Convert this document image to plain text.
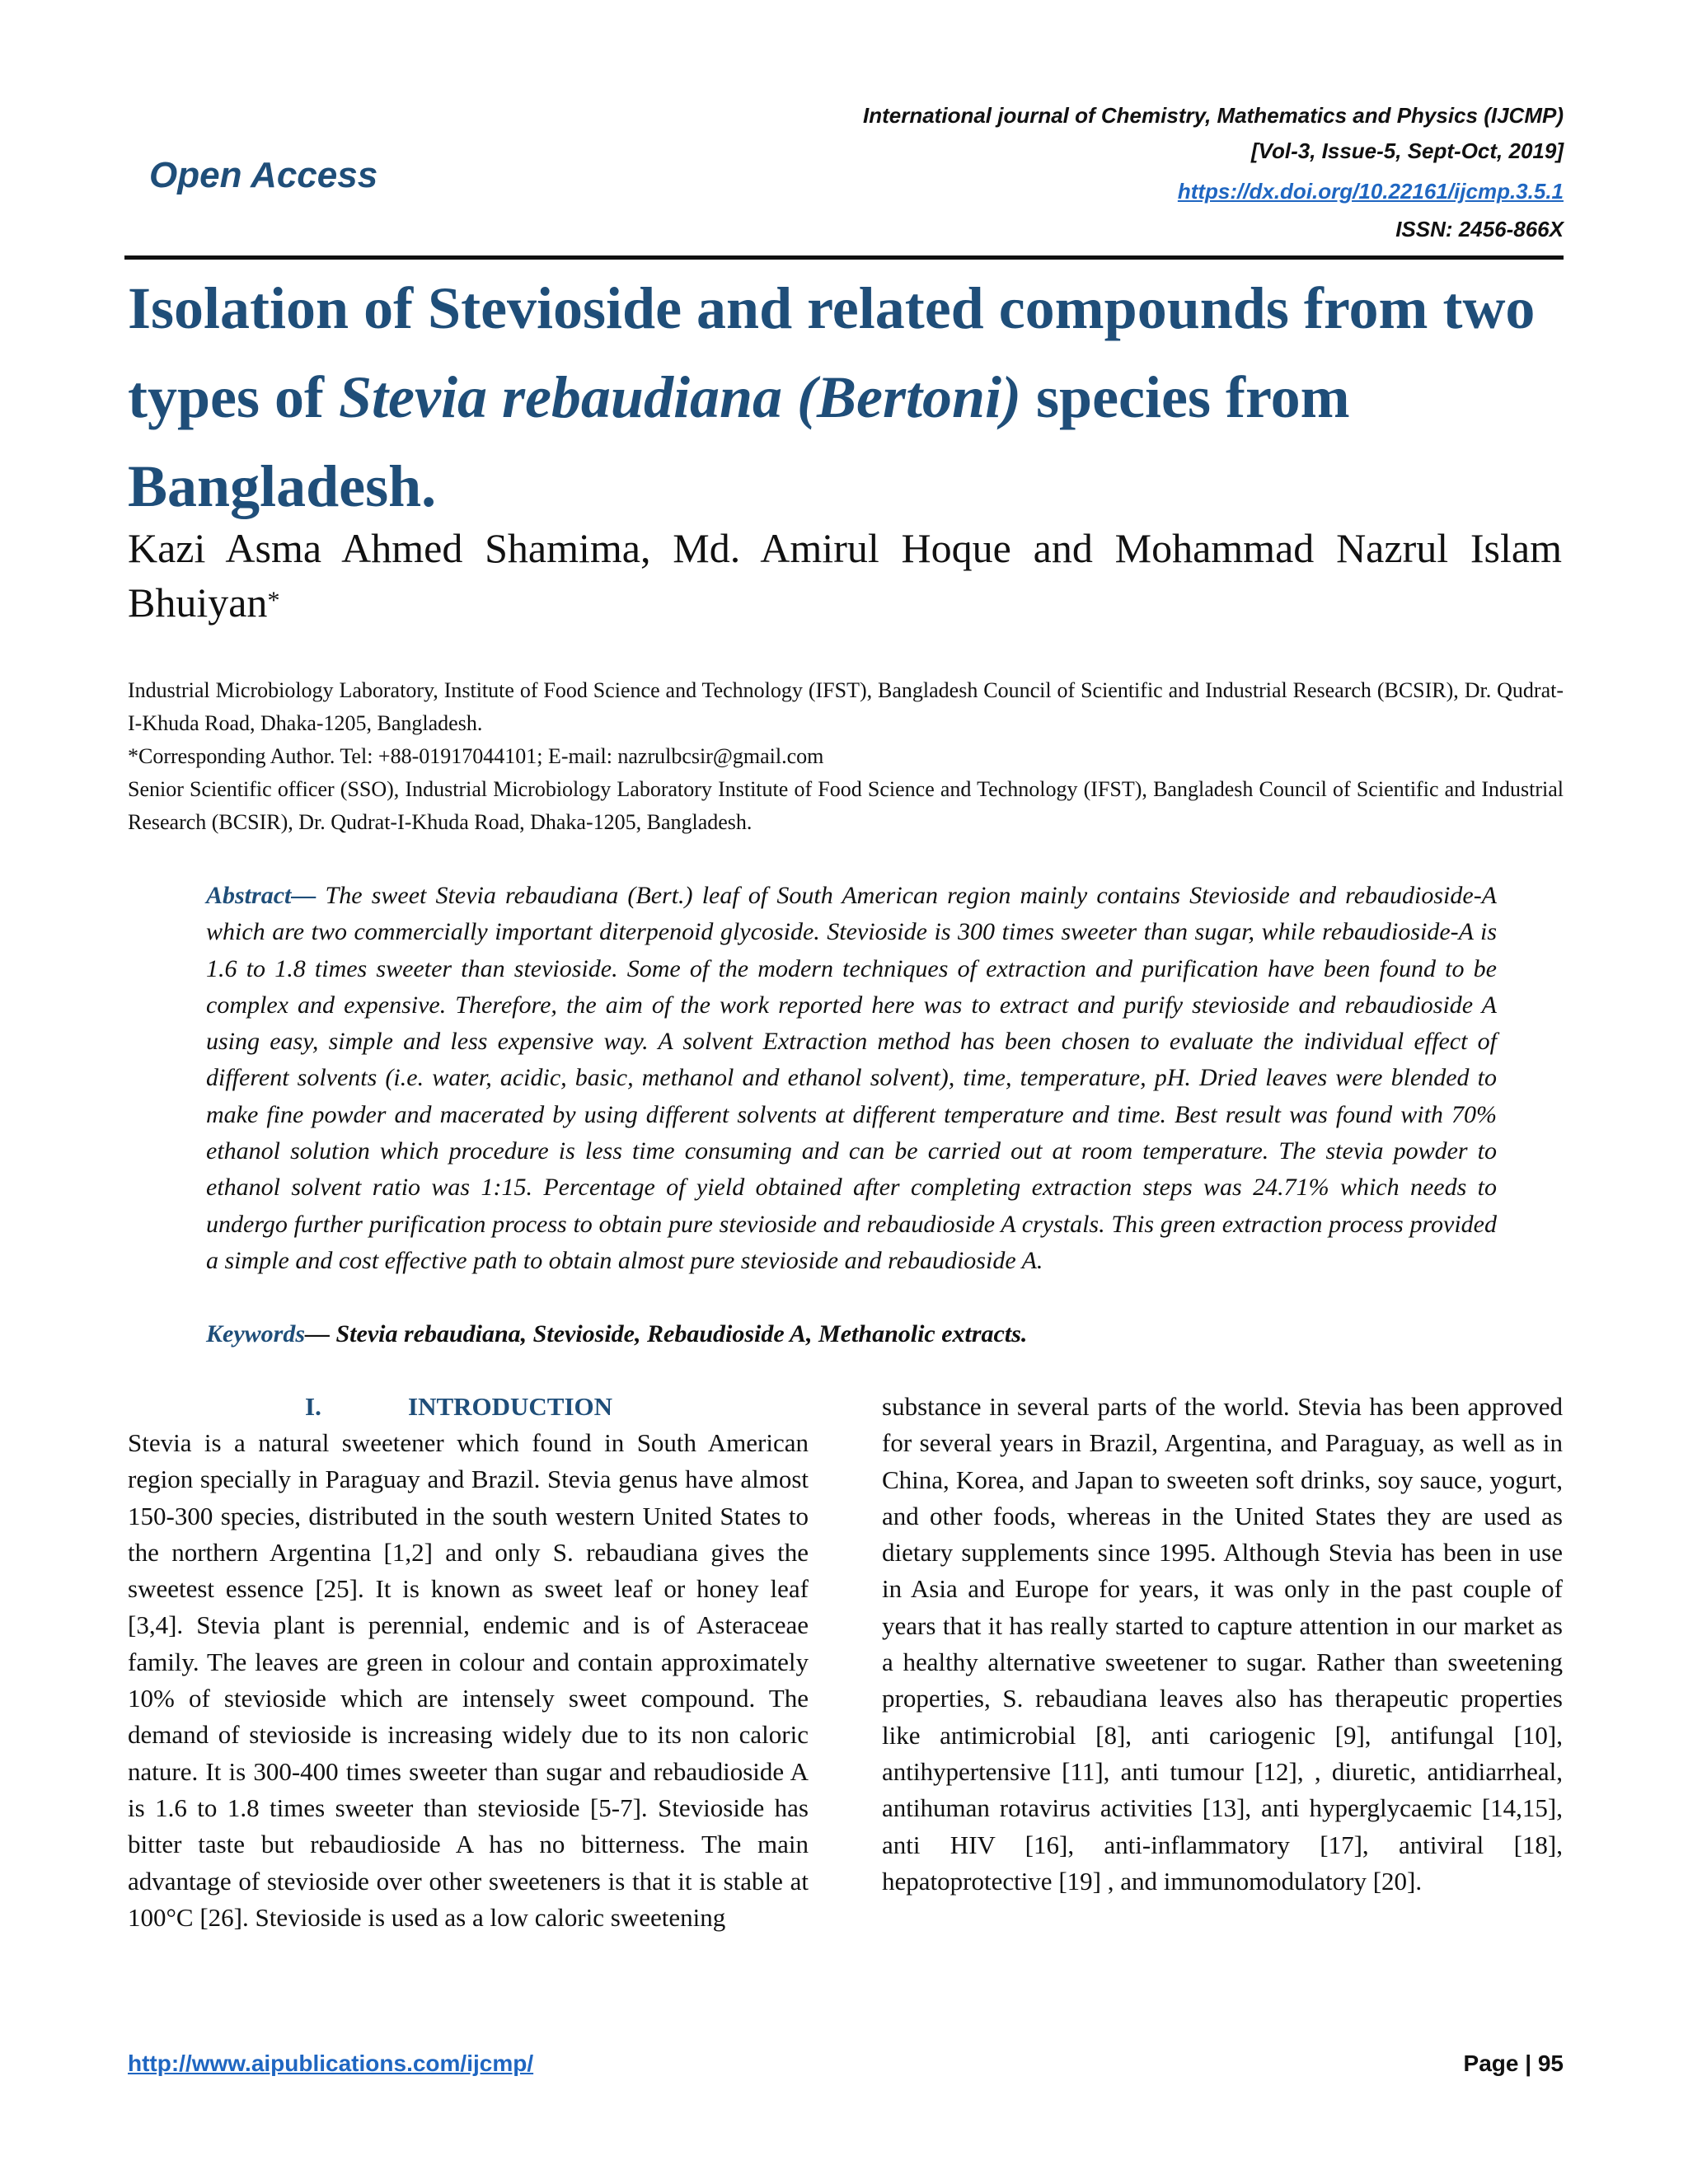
International journal of Chemistry, Mathematics and Physics (IJCMP)
[Vol-3, Issue-5, Sept-Oct, 2019]
https://dx.doi.org/10.22161/ijcmp.3.5.1
ISSN: 2456-866X
Open Access
Isolation of Stevioside and related compounds from two types of Stevia rebaudiana (Bertoni) species from Bangladesh.

Kazi Asma Ahmed Shamima, Md. Amirul Hoque and Mohammad Nazrul Islam Bhuiyan*

Industrial Microbiology Laboratory, Institute of Food Science and Technology (IFST), Bangladesh Council of Scientific and Industrial Research (BCSIR), Dr. Qudrat-I-Khuda Road, Dhaka-1205, Bangladesh.

*Corresponding Author. Tel: +88-01917044101; E-mail: nazrulbcsir@gmail.com

Senior Scientific officer (SSO), Industrial Microbiology Laboratory Institute of Food Science and Technology (IFST), Bangladesh Council of Scientific and Industrial Research (BCSIR), Dr. Qudrat-I-Khuda Road, Dhaka-1205, Bangladesh.

Abstract— The sweet Stevia rebaudiana (Bert.) leaf of South American region mainly contains Stevioside and rebaudioside-A which are two commercially important diterpenoid glycoside. Stevioside is 300 times sweeter than sugar, while rebaudioside-A is 1.6 to 1.8 times sweeter than stevioside. Some of the modern techniques of extraction and purification have been found to be complex and expensive. Therefore, the aim of the work reported here was to extract and purify stevioside and rebaudioside A using easy, simple and less expensive way. A solvent Extraction method has been chosen to evaluate the individual effect of different solvents (i.e. water, acidic, basic, methanol and ethanol solvent), time, temperature, pH. Dried leaves were blended to make fine powder and macerated by using different solvents at different temperature and time. Best result was found with 70% ethanol solution which procedure is less time consuming and can be carried out at room temperature. The stevia powder to ethanol solvent ratio was 1:15. Percentage of yield obtained after completing extraction steps was 24.71% which needs to undergo further purification process to obtain pure stevioside and rebaudioside A crystals. This green extraction process provided a simple and cost effective path to obtain almost pure stevioside and rebaudioside A.

Keywords— Stevia rebaudiana, Stevioside, Rebaudioside A, Methanolic extracts.

I.	INTRODUCTION

Stevia is a natural sweetener which found in South American region specially in Paraguay and Brazil. Stevia genus have almost 150-300 species, distributed in the south western United States to the northern Argentina [1,2] and only S. rebaudiana gives the sweetest essence [25]. It is known as sweet leaf or honey leaf [3,4]. Stevia plant is perennial, endemic and is of Asteraceae family. The leaves are green in colour and contain approximately 10% of stevioside which are intensely sweet compound. The demand of stevioside is increasing widely due to its non caloric nature. It is 300-400 times sweeter than sugar and rebaudioside A is 1.6 to 1.8 times sweeter than stevioside [5-7]. Stevioside has bitter taste but rebaudioside A has no bitterness. The main advantage of stevioside over other sweeteners is that it is stable at 100°C [26]. Stevioside is used as a low caloric sweetening

substance in several parts of the world. Stevia has been approved for several years in Brazil, Argentina, and Paraguay, as well as in China, Korea, and Japan to sweeten soft drinks, soy sauce, yogurt, and other foods, whereas in the United States they are used as dietary supplements since 1995. Although Stevia has been in use in Asia and Europe for years, it was only in the past couple of years that it has really started to capture attention in our market as a healthy alternative sweetener to sugar. Rather than sweetening properties, S. rebaudiana leaves also has therapeutic properties like antimicrobial [8], anti cariogenic [9], antifungal [10], antihypertensive [11], anti tumour [12], , diuretic, antidiarrheal, antihuman rotavirus activities [13], anti hyperglycaemic [14,15], anti HIV [16], anti-inflammatory [17], antiviral [18], hepatoprotective [19] , and immunomodulatory [20].

http://www.aipublications.com/ijcmp/	Page | 95
